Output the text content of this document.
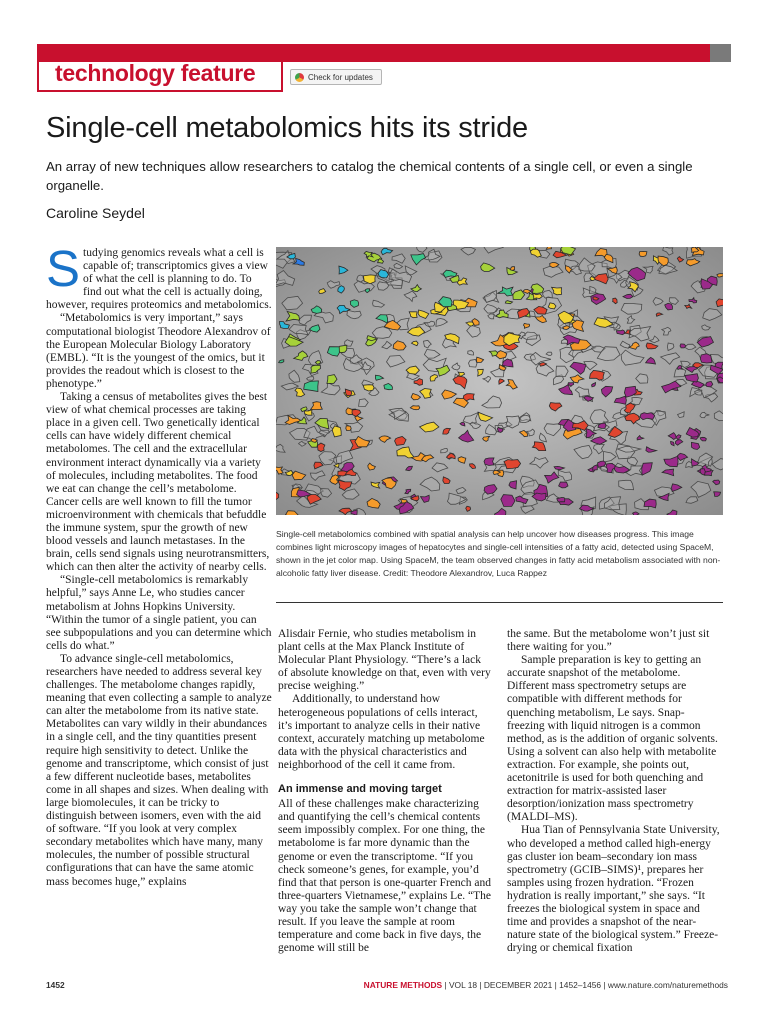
technology feature	Check for updates
Single-cell metabolomics hits its stride

An array of new techniques allow researchers to catalog the chemical contents of a single cell, or even a single organelle.

Caroline Seydel

Studying genomics reveals what a cell is capable of; transcriptomics gives a view of what the cell is planning to do. To find out what the cell is actually doing, however, requires proteomics and metabolomics.

“Metabolomics is very important,” says computational biologist Theodore Alexandrov of the European Molecular Biology Laboratory (EMBL). “It is the youngest of the omics, but it provides the readout which is closest to the phenotype.”

Taking a census of metabolites gives the best view of what chemical processes are taking place in a given cell. Two genetically identical cells can have widely different chemical metabolomes. The cell and the extracellular environment interact dynamically via a variety of molecules, including metabolites. The food we eat can change the cell’s metabolome. Cancer cells are well known to fill the tumor microenvironment with chemicals that befuddle the immune system, spur the growth of new blood vessels and launch metastases. In the brain, cells send signals using neurotransmitters, which can then alter the activity of nearby cells.

“Single-cell metabolomics is remarkably helpful,” says Anne Le, who studies cancer metabolism at Johns Hopkins University. “Within the tumor of a single patient, you can see subpopulations and you can determine which cells do what.”

To advance single-cell metabolomics, researchers have needed to address several key challenges. The metabolome changes rapidly, meaning that even collecting a sample to analyze can alter the metabolome from its native state. Metabolites can vary wildly in their abundances in a single cell, and the tiny quantities present require high sensitivity to detect. Unlike the genome and transcriptome, which consist of just a few different nucleotide bases, metabolites come in all shapes and sizes. When dealing with large biomolecules, it can be tricky to distinguish between isomers, even with the aid of software. “If you look at very complex secondary metabolites which have many, many molecules, the number of possible structural configurations that can have the same atomic mass becomes huge,” explains

Single-cell metabolomics combined with spatial analysis can help uncover how diseases progress. This image combines light microscopy images of hepatocytes and single-cell intensities of a fatty acid, detected using SpaceM, shown in the jet color map. Using SpaceM, the team observed changes in fatty acid metabolism associated with non-alcoholic fatty liver disease. Credit: Theodore Alexandrov, Luca Rappez

Alisdair Fernie, who studies metabolism in plant cells at the Max Planck Institute of Molecular Plant Physiology. “There’s a lack of absolute knowledge on that, even with very precise weighing.”

Additionally, to understand how heterogeneous populations of cells interact, it’s important to analyze cells in their native context, accurately matching up metabolome data with the physical characteristics and neighborhood of the cell it came from.

An immense and moving target

All of these challenges make characterizing and quantifying the cell’s chemical contents seem impossibly complex. For one thing, the metabolome is far more dynamic than the genome or even the transcriptome. “If you check someone’s genes, for example, you’d find that that person is one-quarter French and three-quarters Vietnamese,” explains Le. “The way you take the sample won’t change that result. If you leave the sample at room temperature and come back in five days, the genome will still be

the same. But the metabolome won’t just sit there waiting for you.”

Sample preparation is key to getting an accurate snapshot of the metabolome. Different mass spectrometry setups are compatible with different methods for quenching metabolism, Le says. Snap-freezing with liquid nitrogen is a common method, as is the addition of organic solvents. Using a solvent can also help with metabolite extraction. For example, she points out, acetonitrile is used for both quenching and extraction for matrix-assisted laser desorption/ionization mass spectrometry (MALDI–MS).

Hua Tian of Pennsylvania State University, who developed a method called high-energy gas cluster ion beam–secondary ion mass spectrometry (GCIB–SIMS)¹, prepares her samples using frozen hydration. “Frozen hydration is really important,” she says. “It freezes the biological system in space and time and provides a snapshot of the near-nature state of the biological system.” Freeze-drying or chemical fixation

1452	NATURE METHODS | VOL 18 | DECEMBER 2021 | 1452–1456 | www.nature.com/naturemethods
